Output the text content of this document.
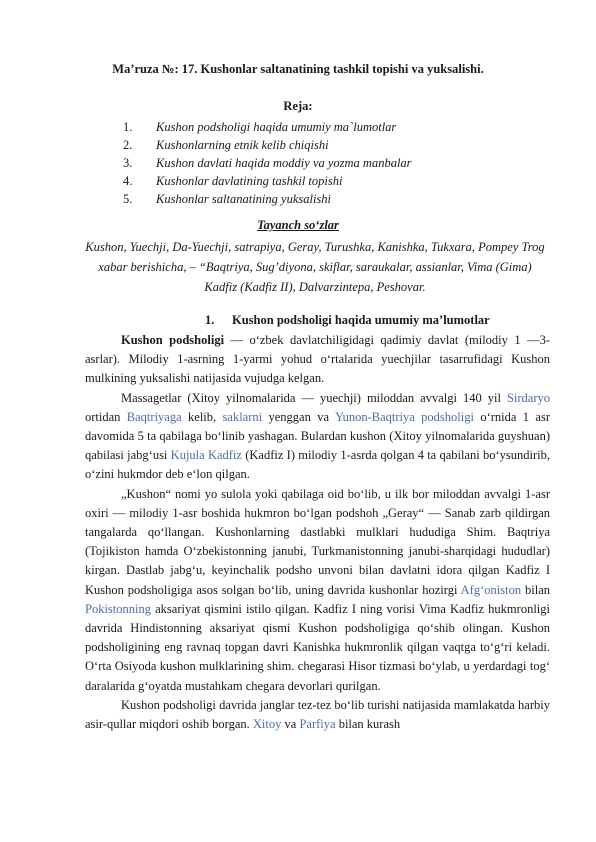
Ma’ruza №: 17. Kushonlar saltanatining tashkil topishi va yuksalishi.
Reja:
1. Kushon podsholigi haqida umumiy ma`lumotlar
2. Kushonlarning etnik kelib chiqishi
3. Kushon davlati haqida moddiy va yozma manbalar
4. Kushonlar davlatining tashkil topishi
5. Kushonlar saltanatining yuksalishi
Tayanch so‘zlar
Kushon, Yuechji, Da-Yuechji, satrapiya, Geray, Turushka, Kanishka, Tukxara, Pompey Trog xabar berishicha, – “Baqtriya, Sug’diyona, skiflar, saraukalar, assianlar, Vima (Gima) Kadfiz (Kadfiz II), Dalvarzintepa, Peshovar.
1. Kushon podsholigi haqida umumiy ma’lumotlar

Kushon podsholigi — oʻzbek davlatchiligidagi qadimiy davlat (milodiy 1 —3-asrlar). Milodiy 1-asrning 1-yarmi yohud oʻrtalarida yuechjilar tasarrufidagi Kushon mulkining yuksalishi natijasida vujudga kelgan.

Massagetlar (Xitoy yilnomalarida — yuechji) miloddan avvalgi 140 yil Sirdaryo ortidan Baqtriyaga kelib, saklarni yenggan va Yunon-Baqtriya podsholigi oʻrnida 1 asr davomida 5 ta qabilaga boʻlinib yashagan. Bulardan kushon (Xitoy yilnomalarida guyshuan) qabilasi jabgʻusi Kujula Kadfiz (Kadfiz I) milodiy 1-asrda qolgan 4 ta qabilani boʻysundirib, oʻzini hukmdor deb eʻlon qilgan.

„Kushon“ nomi yo sulola yoki qabilaga oid boʻlib, u ilk bor miloddan avvalgi 1-asr oxiri — milodiy 1-asr boshida hukmron boʻlgan podshoh „Geray“ — Sanab zarb qildirgan tangalarda qoʻllangan. Kushonlarning dastlabki mulklari hududiga Shim. Baqtriya (Tojikiston hamda Oʻzbekistonning janubi, Turkmanistonning janubi-sharqidagi hududlar) kirgan. Dastlab jabgʻu, keyinchalik podsho unvoni bilan davlatni idora qilgan Kadfiz I Kushon podsholigiga asos solgan boʻlib, uning davrida kushonlar hozirgi Afgʻoniston bilan Pokistonning aksariyat qismini istilo qilgan. Kadfiz I ning vorisi Vima Kadfiz hukmronligi davrida Hindistonning aksariyat qismi Kushon podsholigiga qoʻshib olingan. Kushon podsholigining eng ravnaq topgan davri Kanishka hukmronlik qilgan vaqtga toʻgʻri keladi. Oʻrta Osiyoda kushon mulklarining shim. chegarasi Hisor tizmasi boʻylab, u yerdardagi togʻ daralarida gʻoyatda mustahkam chegara devorlari qurilgan.

Kushon podsholigi davrida janglar tez-tez boʻlib turishi natijasida mamlakatda harbiy asir-qullar miqdori oshib borgan. Xitoy va Parfiya bilan kurash
